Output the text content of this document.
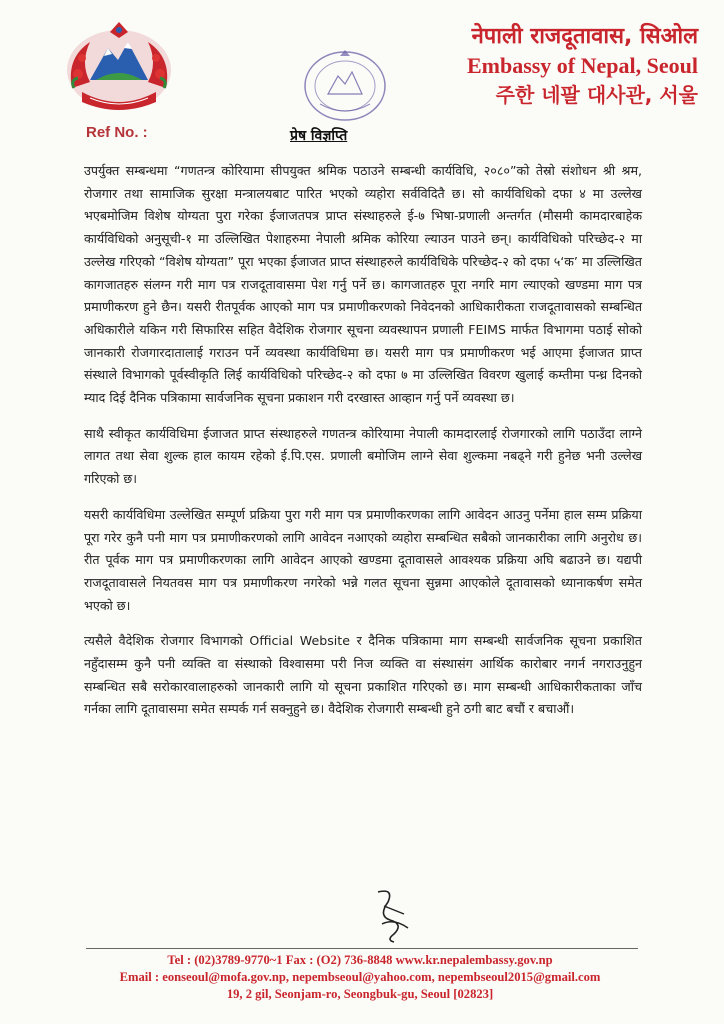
नेपाली राजदूतावास, सिओल
Embassy of Nepal, Seoul
주한 네팔 대사관, 서울
Ref No. :	प्रेष विज्ञप्ति

उपर्युक्त सम्बन्धमा “गणतन्त्र कोरियामा सीपयुक्त श्रमिक पठाउने सम्बन्धी कार्यविधि, २०८०”को तेस्रो संशोधन श्री श्रम, रोजगार तथा सामाजिक सुरक्षा मन्त्रालयबाट पारित भएको व्यहोरा सर्वविदितै छ। सो कार्यविधिको दफा ४ मा उल्लेख भएबमोजिम विशेष योग्यता पुरा गरेका ईजाजतपत्र प्राप्त संस्थाहरुले ई-७ भिषा-प्रणाली अन्तर्गत (मौसमी कामदारबाहेक कार्यविधिको अनुसूची-१ मा उल्लिखित पेशाहरुमा नेपाली श्रमिक कोरिया ल्याउन पाउने छन्। कार्यविधिको परिच्छेद-२ मा उल्लेख गरिएको “विशेष योग्यता” पूरा भएका ईजाजत प्राप्त संस्थाहरुले कार्यविधिके परिच्छेद-२ को दफा ५‘क’ मा उल्लिखित कागजातहरु संलग्न गरी माग पत्र राजदूतावासमा पेश गर्नु पर्ने छ। कागजातहरु पूरा नगरि माग ल्याएको खण्डमा माग पत्र प्रमाणीकरण हुने छैन। यसरी रीतपूर्वक आएको माग पत्र प्रमाणीकरणको निवेदनको आधिकारीकता राजदूतावासको सम्बन्धित अधिकारीले यकिन गरी सिफारिस सहित वैदेशिक रोजगार सूचना व्यवस्थापन प्रणाली FEIMS मार्फत विभागमा पठाई सोको जानकारी रोजगारदातालाई गराउन पर्ने व्यवस्था कार्यविधिमा छ। यसरी माग पत्र प्रमाणीकरण भई आएमा ईजाजत प्राप्त संस्थाले विभागको पूर्वस्वीकृति लिई कार्यविधिको परिच्छेद-२ को दफा ७ मा उल्लिखित विवरण खुलाई कम्तीमा पन्ध्र दिनको म्याद दिई दैनिक पत्रिकामा सार्वजनिक सूचना प्रकाशन गरी दरखास्त आव्हान गर्नु पर्ने व्यवस्था छ।

साथै स्वीकृत कार्यविधिमा ईजाजत प्राप्त संस्थाहरुले गणतन्त्र कोरियामा नेपाली कामदारलाई रोजगारको लागि पठाउँदा लाग्ने लागत तथा सेवा शुल्क हाल कायम रहेको ई.पि.एस. प्रणाली बमोजिम लाग्ने सेवा शुल्कमा नबढ्ने गरी हुनेछ भनी उल्लेख गरिएको छ।

यसरी कार्यविधिमा उल्लेखित सम्पूर्ण प्रक्रिया पुरा गरी माग पत्र प्रमाणीकरणका लागि आवेदन आउनु पर्नेमा हाल सम्म प्रक्रिया पूरा गरेर कुनै पनी माग पत्र प्रमाणीकरणको लागि आवेदन नआएको व्यहोरा सम्बन्धित सबैको जानकारीका लागि अनुरोध छ। रीत पूर्वक माग पत्र प्रमाणीकरणका लागि आवेदन आएको खण्डमा दूतावासले आवश्यक प्रक्रिया अघि बढाउने छ। यद्यपी राजदूतावासले नियतवस माग पत्र प्रमाणीकरण नगरेको भन्ने गलत सूचना सुन्नमा आएकोले दूतावासको ध्यानाकर्षण समेत भएको छ।

त्यसैले वैदेशिक रोजगार विभागको Official Website र दैनिक पत्रिकामा माग सम्बन्धी सार्वजनिक सूचना प्रकाशित नहुँदासम्म कुनै पनी व्यक्ति वा संस्थाको विश्वासमा परी निज व्यक्ति वा संस्थासंग आर्थिक कारोबार नगर्न नगराउनुहुन सम्बन्धित सबै सरोकारवालाहरुको जानकारी लागि यो सूचना प्रकाशित गरिएको छ। माग सम्बन्धी आधिकारीकताका जाँच गर्नका लागि दूतावासमा समेत सम्पर्क गर्न सक्नुहुने छ। वैदेशिक रोजगारी सम्बन्धी हुने ठगी बाट बचौं र बचाऔं।

Tel : (02)3789-9770~1 Fax : (O2) 736-8848 www.kr.nepalembassy.gov.np
Email : eonseoul@mofa.gov.np, nepembseoul@yahoo.com, nepembseoul2015@gmail.com
19, 2 gil, Seonjam-ro, Seongbuk-gu, Seoul [02823]
